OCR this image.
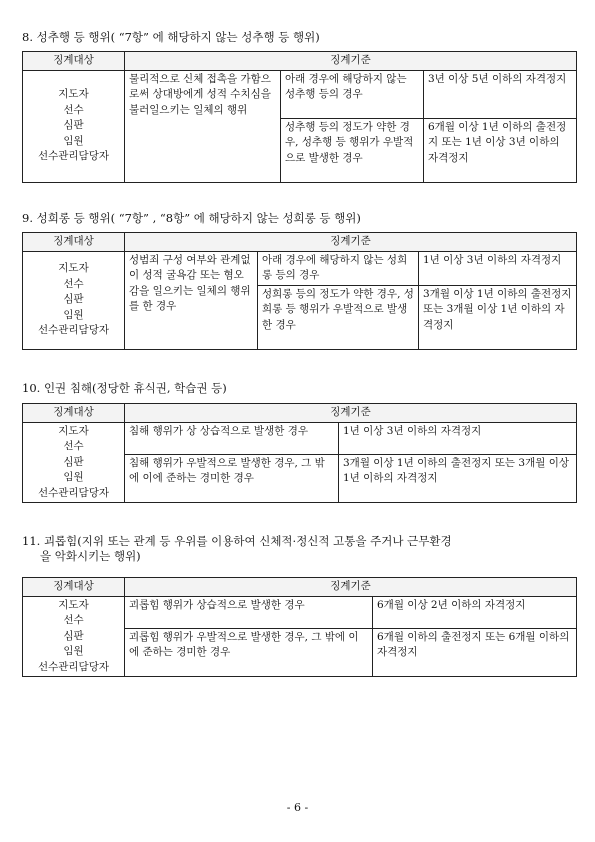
8. 성추행 등 행위( “7항” 에 해당하지 않는 성추행 등 행위)
징계대상	징계기준		

지도자
선수
심판
임원
선수관리담당자	물리적으로 신체 접촉을 가함으로써 상대방에게 성적 수치심을 불러일으키는 일체의 행위	아래 경우에 해당하지 않는 성추행 등의 경우	3년 이상 5년 이하의 자격정지
		성추행 등의 정도가 약한 경우, 성추행 등 행위가 우발적으로 발생한 경우	6개월 이상 1년 이하의 출전정지 또는 1년 이상 3년 이하의 자격정지
9. 성희롱 등 행위( “7항” , “8항” 에 해당하지 않는 성희롱 등 행위)
징계대상	징계기준		

지도자
선수
심판
임원
선수관리담당자	성범죄 구성 여부와 관계없이 성적 굴욕감 또는 혐오감을 일으키는 일체의 행위를 한 경우	아래 경우에 해당하지 않는 성희롱 등의 경우	1년 이상 3년 이하의 자격정지
		성희롱 등의 정도가 약한 경우, 성희롱 등 행위가 우발적으로 발생한 경우	3개월 이상 1년 이하의 출전정지 또는 3개월 이상 1년 이하의 자격정지
10. 인권 침해(정당한 휴식권, 학습권 등)
징계대상	징계기준	

지도자
선수
심판
임원
선수관리담당자	침해 행위가 상 상습적으로 발생한 경우	1년 이상 3년 이하의 자격정지
	침해 행위가 우발적으로 발생한 경우, 그 밖에 이에 준하는 경미한 경우	3개월 이상 1년 이하의 출전정지 또는 3개월 이상 1년 이하의 자격정지
11. 괴롭힘(지위 또는 관계 등 우위를 이용하여 신체적·정신적 고통을 주거나 근무환경
을 악화시키는 행위)
징계대상	징계기준	

지도자
선수
심판
임원
선수관리담당자	괴롭힘 행위가 상습적으로 발생한 경우	6개월 이상 2년 이하의 자격정지
	괴롭힘 행위가 우발적으로 발생한 경우, 그 밖에 이에 준하는 경미한 경우	6개월 이하의 출전정지 또는 6개월 이하의 자격정지
- 6 -
